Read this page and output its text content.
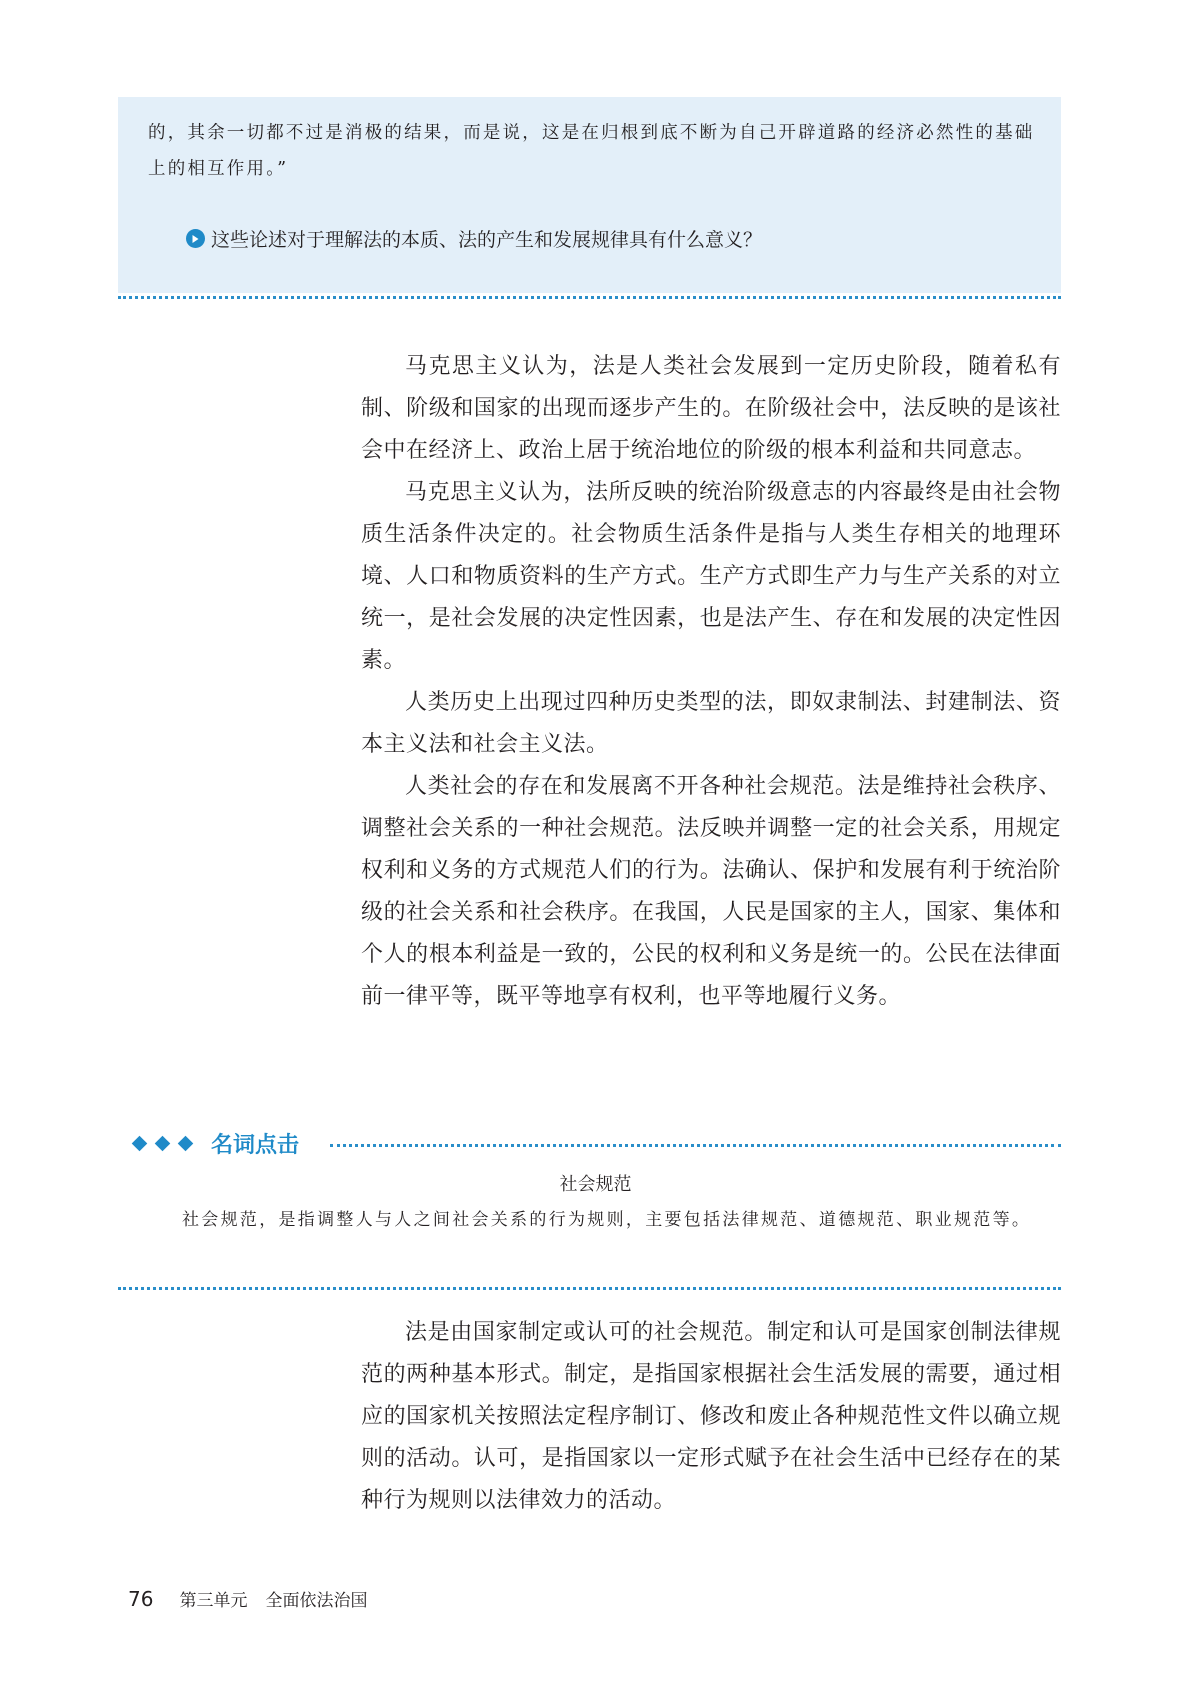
的，其余一切都不过是消极的结果，而是说，这是在归根到底不断为自己开辟道路的经济必然性的基础上的相互作用。”
这些论述对于理解法的本质、法的产生和发展规律具有什么意义？

马克思主义认为，法是人类社会发展到一定历史阶段，随着私有制、阶级和国家的出现而逐步产生的。在阶级社会中，法反映的是该社会中在经济上、政治上居于统治地位的阶级的根本利益和共同意志。

马克思主义认为，法所反映的统治阶级意志的内容最终是由社会物质生活条件决定的。社会物质生活条件是指与人类生存相关的地理环境、人口和物质资料的生产方式。生产方式即生产力与生产关系的对立统一，是社会发展的决定性因素，也是法产生、存在和发展的决定性因素。

人类历史上出现过四种历史类型的法，即奴隶制法、封建制法、资本主义法和社会主义法。

人类社会的存在和发展离不开各种社会规范。法是维持社会秩序、调整社会关系的一种社会规范。法反映并调整一定的社会关系，用规定权利和义务的方式规范人们的行为。法确认、保护和发展有利于统治阶级的社会关系和社会秩序。在我国，人民是国家的主人，国家、集体和个人的根本利益是一致的，公民的权利和义务是统一的。公民在法律面前一律平等，既平等地享有权利，也平等地履行义务。

名词点击
社会规范
社会规范，是指调整人与人之间社会关系的行为规则，主要包括法律规范、道德规范、职业规范等。

法是由国家制定或认可的社会规范。制定和认可是国家创制法律规范的两种基本形式。制定，是指国家根据社会生活发展的需要，通过相应的国家机关按照法定程序制订、修改和废止各种规范性文件以确立规则的活动。认可，是指国家以一定形式赋予在社会生活中已经存在的某种行为规则以法律效力的活动。

76 第三单元 全面依法治国
